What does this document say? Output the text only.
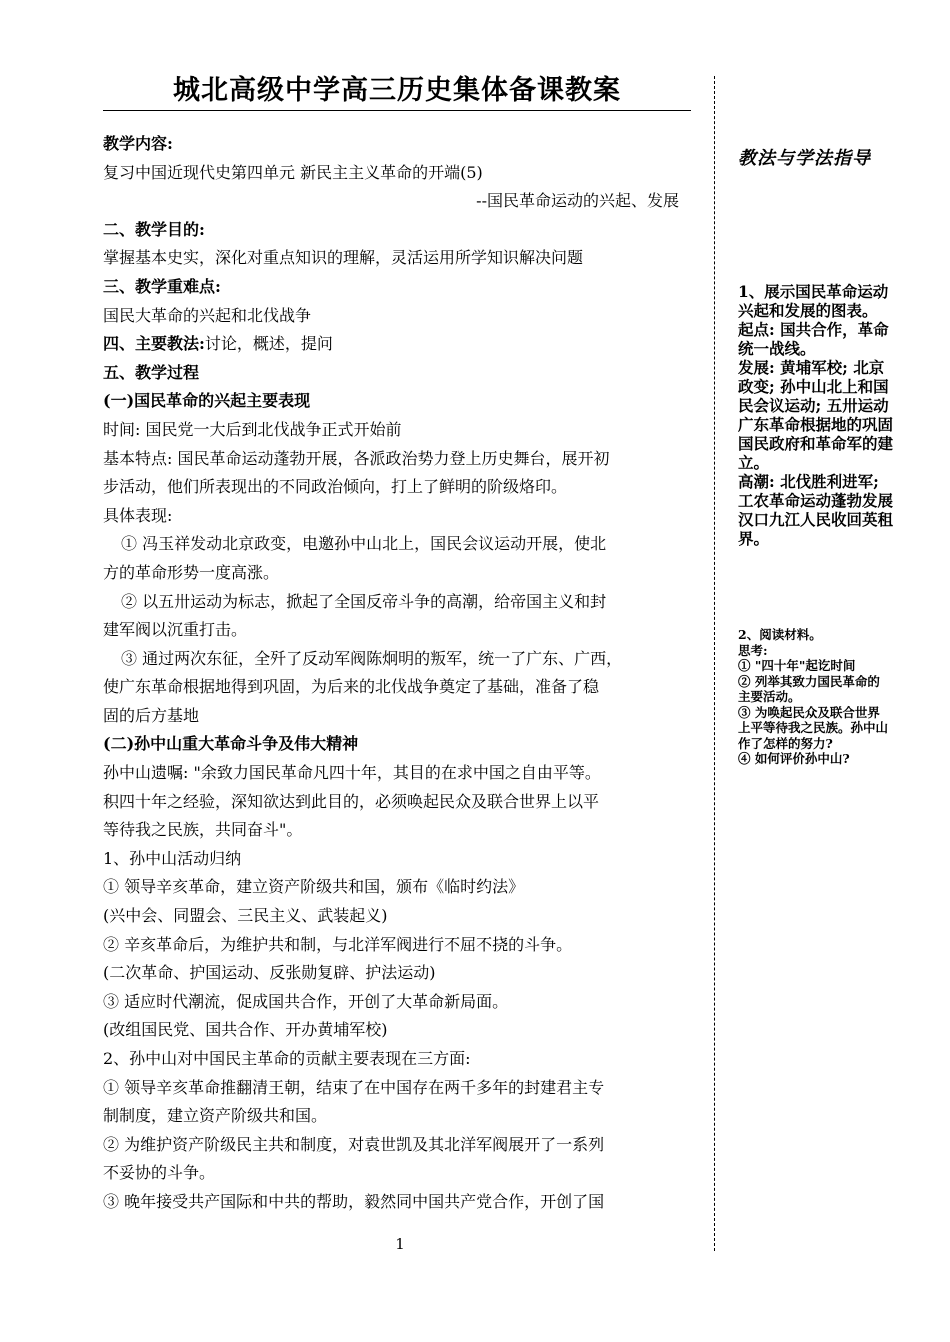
城北高级中学高三历史集体备课教案
教学内容:
复习中国近现代史第四单元 新民主主义革命的开端(5)
--国民革命运动的兴起、发展
二、教学目的:
掌握基本史实，深化对重点知识的理解，灵活运用所学知识解决问题
三、教学重难点:
国民大革命的兴起和北伐战争
四、主要教法:讨论，概述，提问
五、教学过程
(一)国民革命的兴起主要表现
时间: 国民党一大后到北伐战争正式开始前
基本特点: 国民革命运动蓬勃开展，各派政治势力登上历史舞台，展开初
步活动，他们所表现出的不同政治倾向，打上了鲜明的阶级烙印。
具体表现:
① 冯玉祥发动北京政变，电邀孙中山北上，国民会议运动开展，使北
方的革命形势一度高涨。
② 以五卅运动为标志，掀起了全国反帝斗争的高潮，给帝国主义和封
建军阀以沉重打击。
③ 通过两次东征，全歼了反动军阀陈炯明的叛军，统一了广东、广西，
使广东革命根据地得到巩固，为后来的北伐战争奠定了基础，准备了稳
固的后方基地
(二)孙中山重大革命斗争及伟大精神
孙中山遗嘱: "余致力国民革命凡四十年，其目的在求中国之自由平等。
积四十年之经验，深知欲达到此目的，必须唤起民众及联合世界上以平
等待我之民族，共同奋斗"。
1、孙中山活动归纳
① 领导辛亥革命，建立资产阶级共和国，颁布《临时约法》
(兴中会、同盟会、三民主义、武装起义)
② 辛亥革命后，为维护共和制，与北洋军阀进行不屈不挠的斗争。
(二次革命、护国运动、反张勋复辟、护法运动)
③ 适应时代潮流，促成国共合作，开创了大革命新局面。
(改组国民党、国共合作、开办黄埔军校)
2、孙中山对中国民主革命的贡献主要表现在三方面:
① 领导辛亥革命推翻清王朝，结束了在中国存在两千多年的封建君主专
制制度，建立资产阶级共和国。
② 为维护资产阶级民主共和制度，对袁世凯及其北洋军阀展开了一系列
不妥协的斗争。
③ 晚年接受共产国际和中共的帮助，毅然同中国共产党合作，开创了国
教法与学法指导
1、展示国民革命运动
兴起和发展的图表。
起点: 国共合作，革命
统一战线。
发展: 黄埔军校; 北京
政变; 孙中山北上和国
民会议运动; 五卅运动
广东革命根据地的巩固
国民政府和革命军的建
立。
高潮: 北伐胜利进军;
工农革命运动蓬勃发展
汉口九江人民收回英租
界。
2、阅读材料。
思考:
① "四十年"起讫时间
② 列举其致力国民革命的
主要活动。
③ 为唤起民众及联合世界
上平等待我之民族。孙中山
作了怎样的努力?
④ 如何评价孙中山?
1
